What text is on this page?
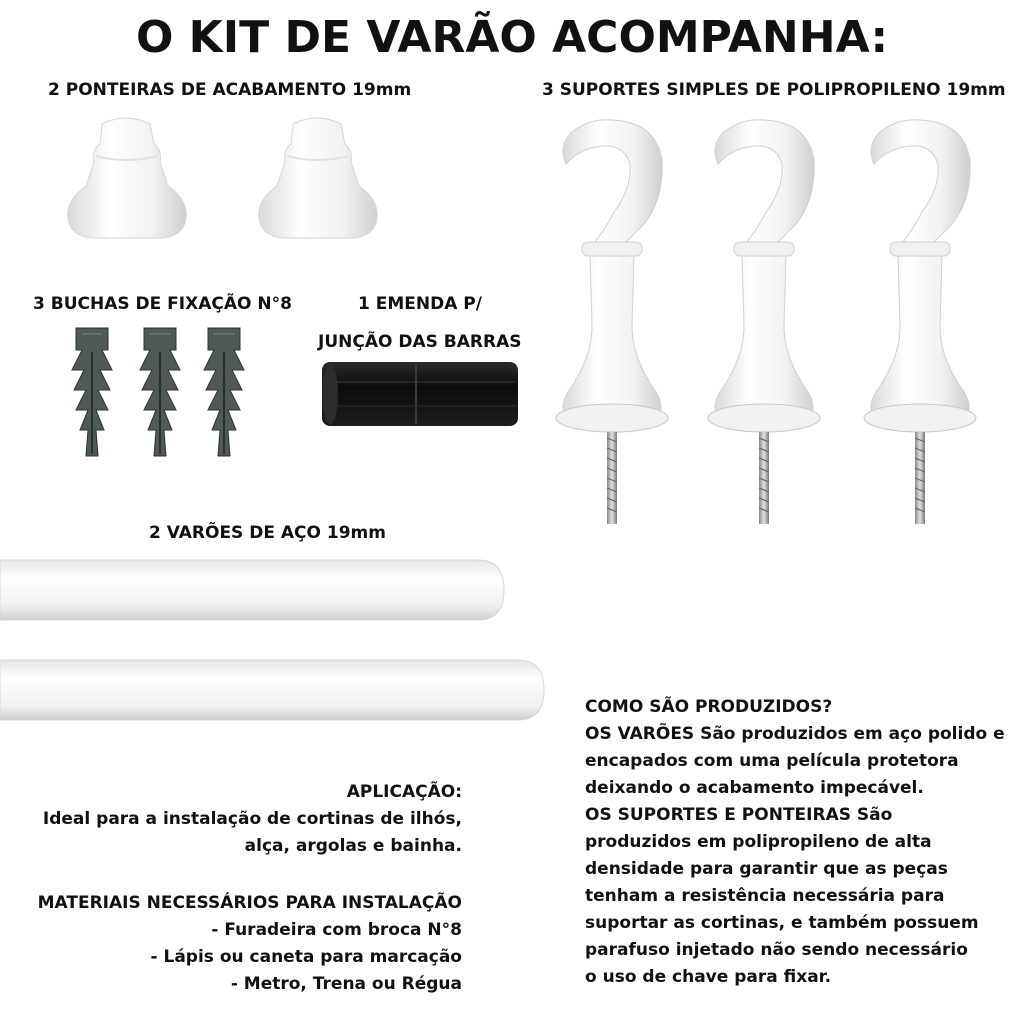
O KIT DE VARÃO ACOMPANHA:
2 PONTEIRAS DE ACABAMENTO 19mm	3 SUPORTES SIMPLES DE POLIPROPILENO 19mm
3 BUCHAS DE FIXAÇÃO N°8	1 EMENDA P/
JUNÇÃO DAS BARRAS
2 VARÕES DE AÇO 19mm
APLICAÇÃO:
Ideal para a instalação de cortinas de ilhós,
alça, argolas e bainha.
MATERIAIS NECESSÁRIOS PARA INSTALAÇÃO
- Furadeira com broca N°8
- Lápis ou caneta para marcação
- Metro, Trena ou Régua
COMO SÃO PRODUZIDOS?
OS VARÕES São produzidos em aço polido e
encapados com uma película protetora
deixando o acabamento impecável.
OS SUPORTES E PONTEIRAS São
produzidos em polipropileno de alta
densidade para garantir que as peças
tenham a resistência necessária para
suportar as cortinas, e também possuem
parafuso injetado não sendo necessário
o uso de chave para fixar.
